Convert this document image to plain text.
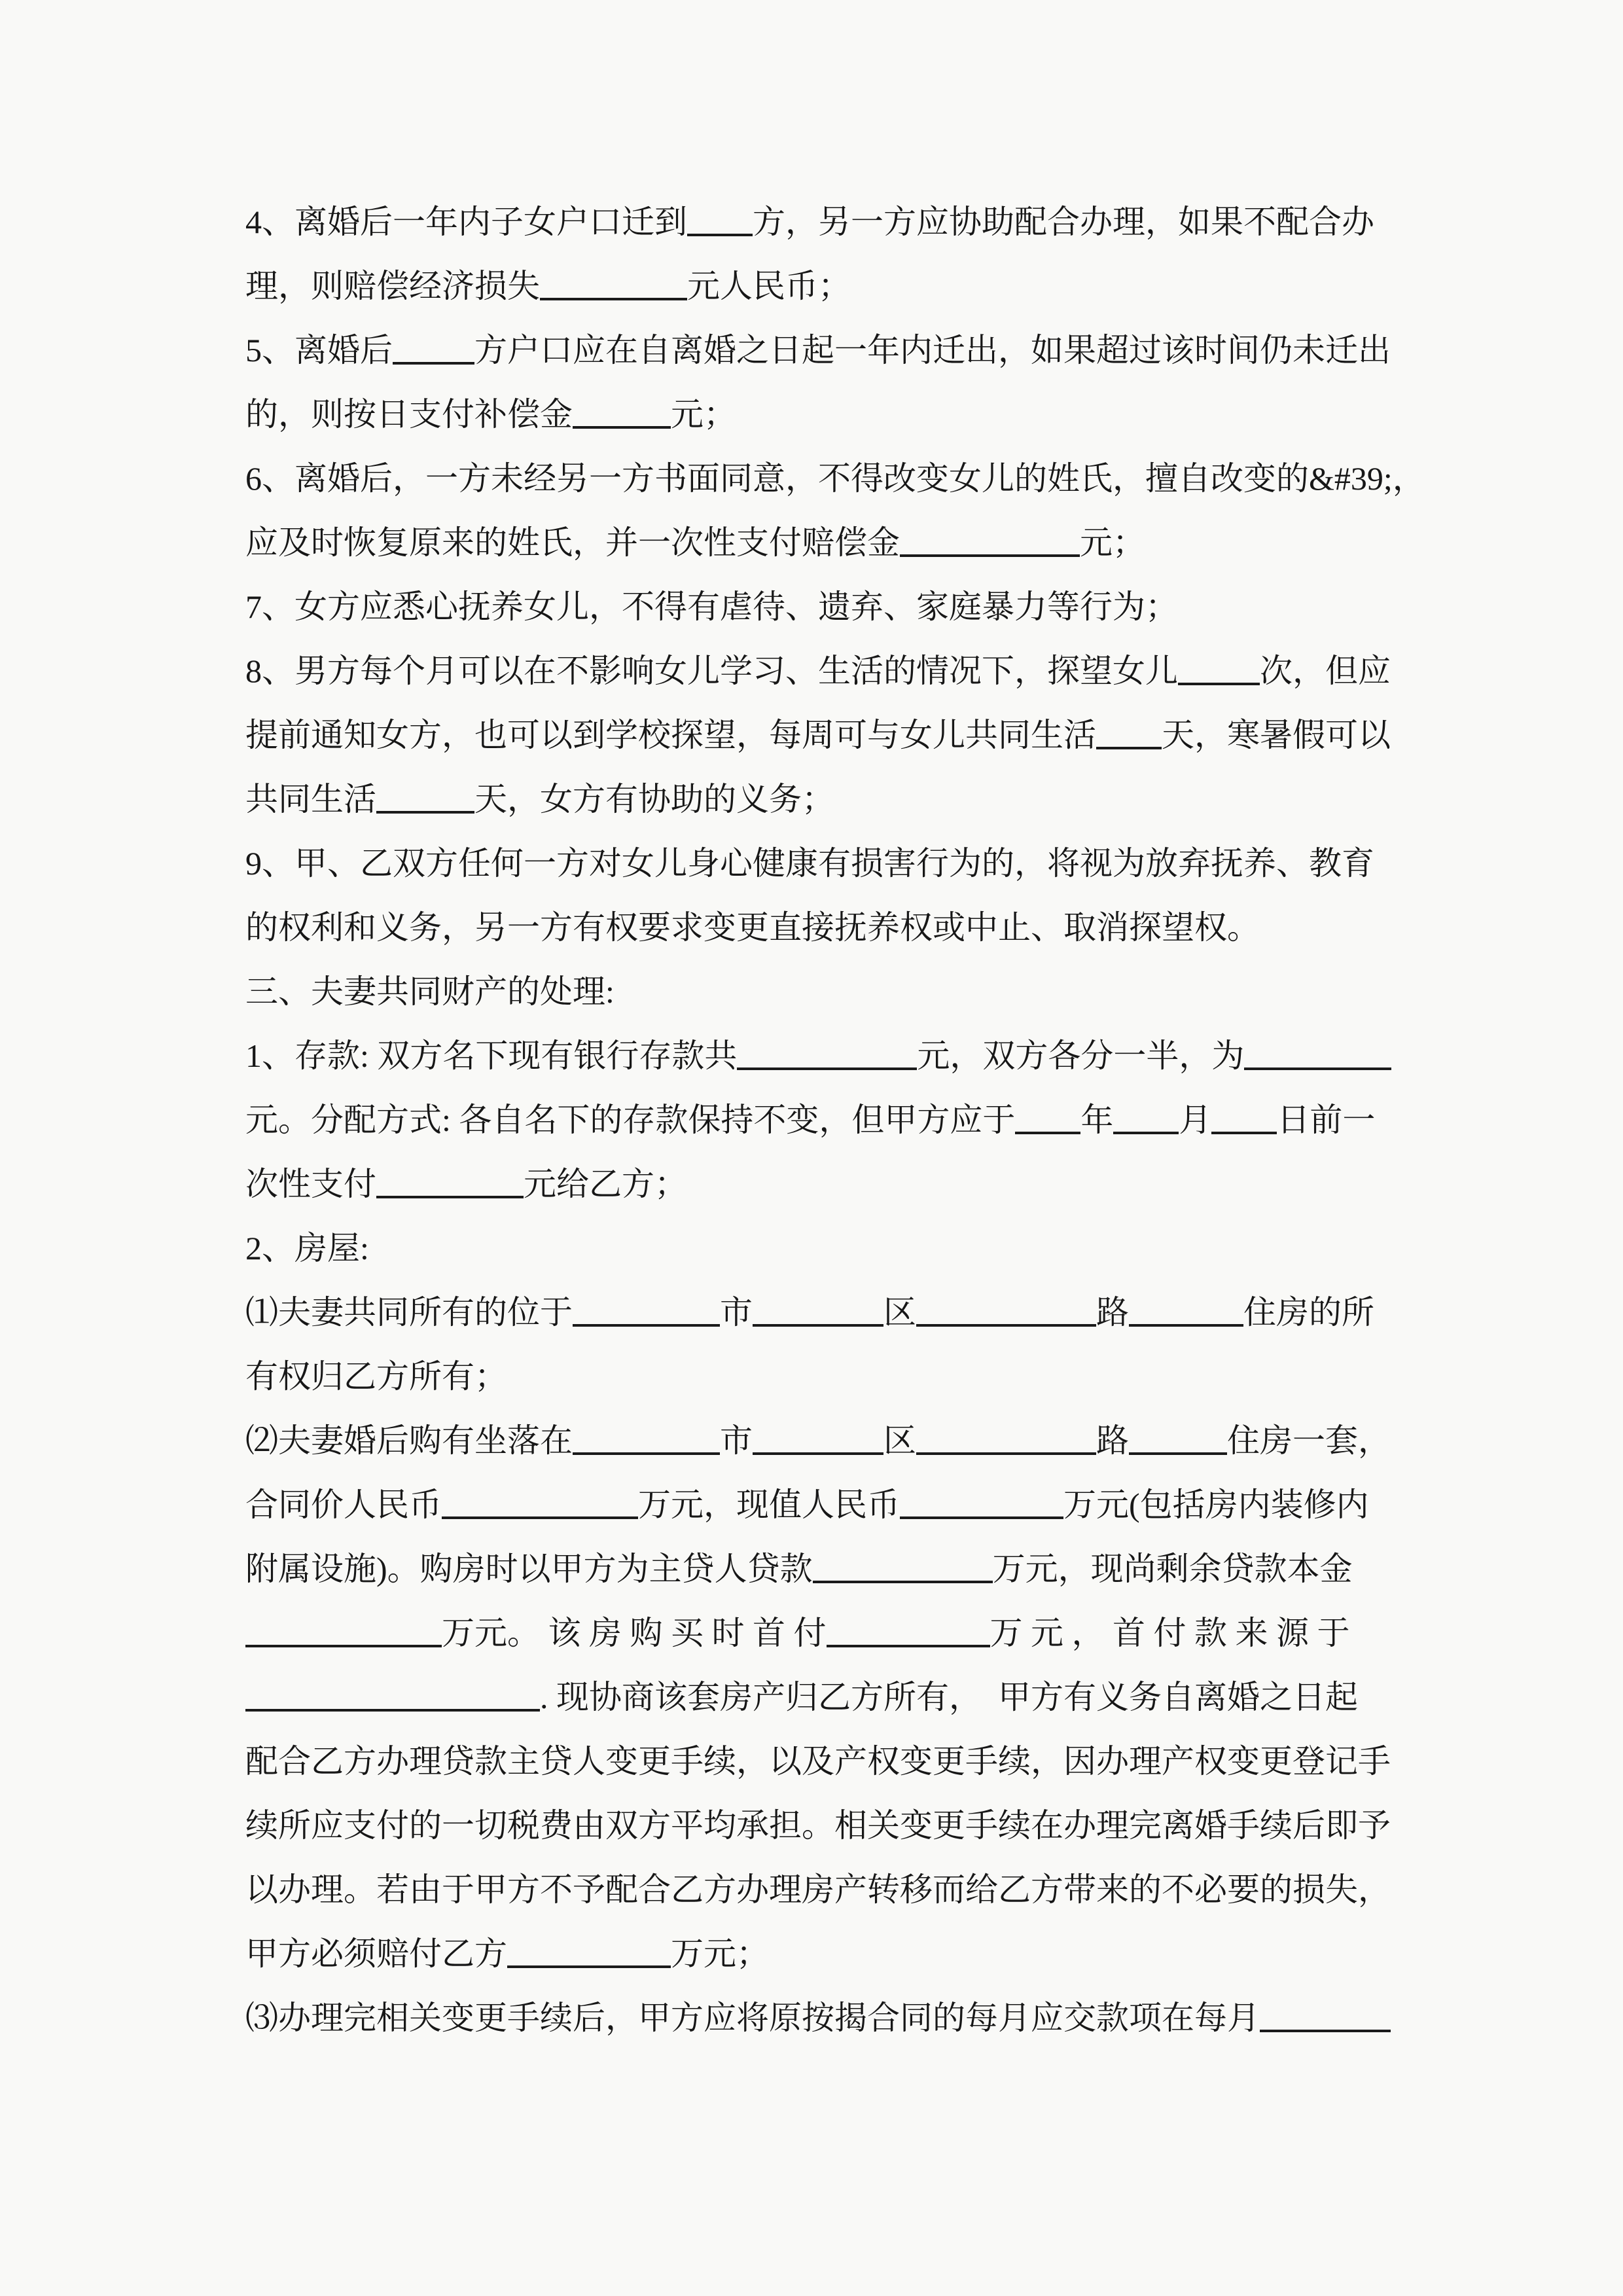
4、离婚后一年内子女户口迁到 方，另一方应协助配合办理，如果不配合办
理，则赔偿经济损失	元人民币；
5、离婚后	方户口应在自离婚之日起一年内迁出，如果超过该时间仍未迁出
的，则按日支付补偿金	元；
6、离婚后，一方未经另一方书面同意，不得改变女儿的姓氏，擅自改变的&#39;，
应及时恢复原来的姓氏，并一次性支付赔偿金	元；
7、女方应悉心抚养女儿，不得有虐待、遗弃、家庭暴力等行为；
8、男方每个月可以在不影响女儿学习、生活的情况下，探望女儿	次，但应
提前通知女方，也可以到学校探望，每周可与女儿共同生活 天，寒暑假可以
共同生活	天，女方有协助的义务；
9、甲、乙双方任何一方对女儿身心健康有损害行为的，将视为放弃抚养、教育
的权利和义务，另一方有权要求变更直接抚养权或中止、取消探望权。
三、夫妻共同财产的处理:
1、存款: 双方名下现有银行存款共	元，双方各分一半，为
元。分配方式: 各自名下的存款保持不变，但甲方应于 年 月 日前一
次性支付	元给乙方；
2、房屋:
⑴夫妻共同所有的位于	市	区	路	住房的所
有权归乙方所有；
⑵夫妻婚后购有坐落在	市	区	路	住房一套，
合同价人民币	万元，现值人民币	万元(包括房内装修内
附属设施)。购房时以甲方为主贷人贷款	万元，现尚剩余贷款本金
万元。 该 房 购 买 时 首 付	万 元 ， 首 付 款 来 源 于
. 现协商该套房产归乙方所有，　甲方有义务自离婚之日起
配合乙方办理贷款主贷人变更手续，以及产权变更手续，因办理产权变更登记手
续所应支付的一切税费由双方平均承担。相关变更手续在办理完离婚手续后即予
以办理。若由于甲方不予配合乙方办理房产转移而给乙方带来的不必要的损失，
甲方必须赔付乙方	万元；
⑶办理完相关变更手续后，甲方应将原按揭合同的每月应交款项在每月
